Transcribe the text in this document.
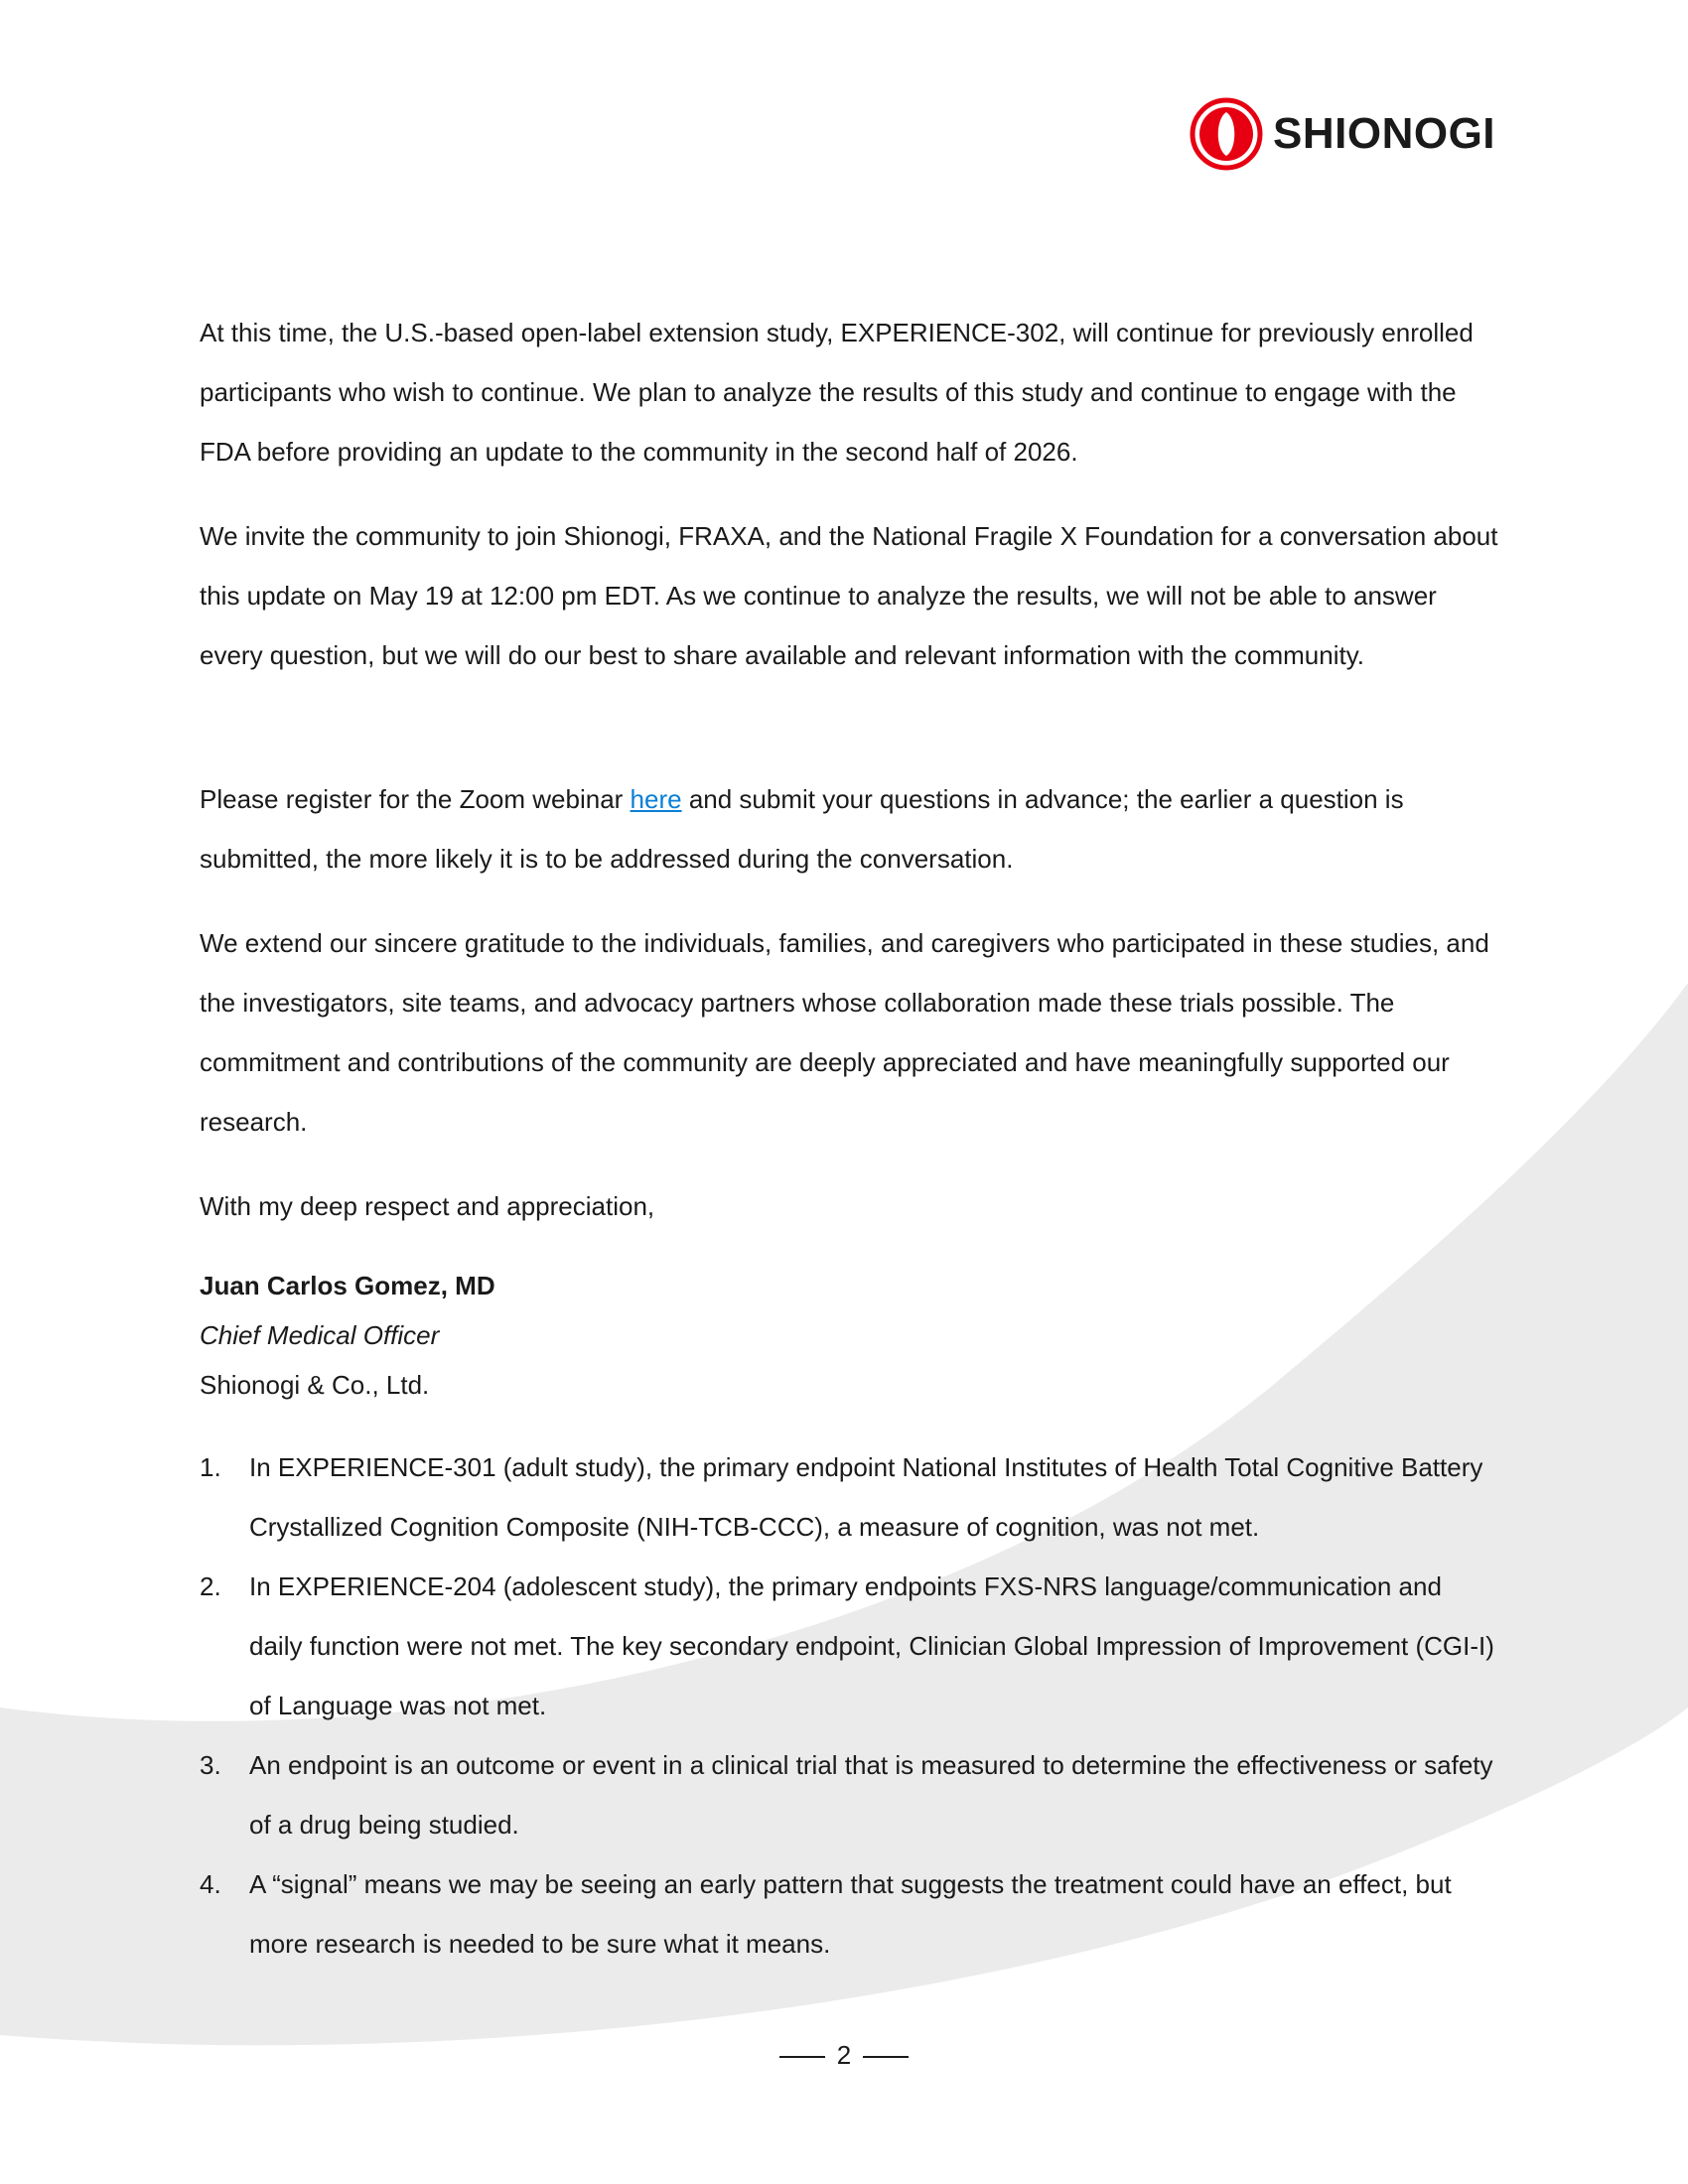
SHIONOGI

At this time, the U.S.-based open-label extension study, EXPERIENCE-302, will continue for previously enrolled participants who wish to continue. We plan to analyze the results of this study and continue to engage with the FDA before providing an update to the community in the second half of 2026.

We invite the community to join Shionogi, FRAXA, and the National Fragile X Foundation for a conversation about this update on May 19 at 12:00 pm EDT. As we continue to analyze the results, we will not be able to answer every question, but we will do our best to share available and relevant information with the community.

Please register for the Zoom webinar here and submit your questions in advance; the earlier a question is submitted, the more likely it is to be addressed during the conversation.

We extend our sincere gratitude to the individuals, families, and caregivers who participated in these studies, and the investigators, site teams, and advocacy partners whose collaboration made these trials possible. The commitment and contributions of the community are deeply appreciated and have meaningfully supported our research.

With my deep respect and appreciation,

Juan Carlos Gomez, MD

Chief Medical Officer

Shionogi & Co., Ltd.

1. In EXPERIENCE-301 (adult study), the primary endpoint National Institutes of Health Total Cognitive Battery Crystallized Cognition Composite (NIH-TCB-CCC), a measure of cognition, was not met.
2. In EXPERIENCE-204 (adolescent study), the primary endpoints FXS-NRS language/communication and daily function were not met. The key secondary endpoint, Clinician Global Impression of Improvement (CGI-I) of Language was not met.
3. An endpoint is an outcome or event in a clinical trial that is measured to determine the effectiveness or safety of a drug being studied.
4. A “signal” means we may be seeing an early pattern that suggests the treatment could have an effect, but more research is needed to be sure what it means.
2
